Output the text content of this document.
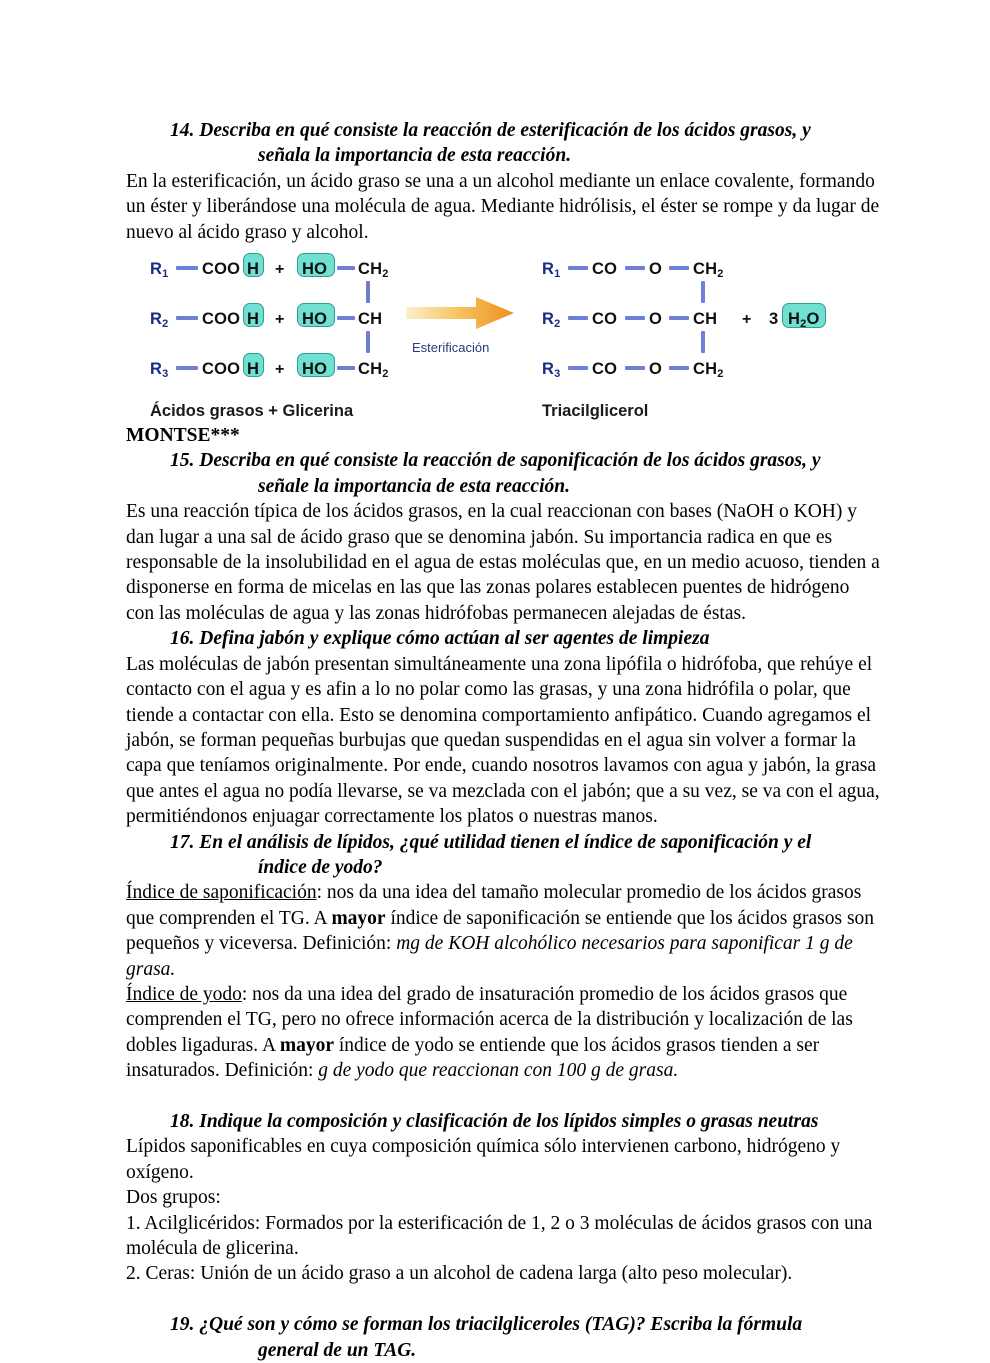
14. Describa en qué consiste la reacción de esterificación de los ácidos grasos, y
señala la importancia de esta reacción.

En la esterificación, un ácido graso se una a un alcohol mediante un enlace covalente, formando un éster y liberándose una molécula de agua. Mediante hidrólisis, el éster se rompe y da lugar de nuevo al ácido graso y alcohol.

$R_1$ COO H + HO $CH_2$
$R_2$ COO H + HO CH
$R_3$ COO H + HO $CH_2$
Esterificación
$R_1$ CO O $CH_2$
$R_2$ CO O CH + 3 $H_2O$
$R_3$ CO O $CH_2$
Ácidos grasos + Glicerina	Triacilglicerol

MONTSE***

15. Describa en qué consiste la reacción de saponificación de los ácidos grasos, y
señale la importancia de esta reacción.

Es una reacción típica de los ácidos grasos, en la cual reaccionan con bases (NaOH o KOH) y dan lugar a una sal de ácido graso que se denomina jabón. Su importancia radica en que es responsable de la insolubilidad en el agua de estas moléculas que, en un medio acuoso, tienden a disponerse en forma de micelas en las que las zonas polares establecen puentes de hidrógeno con las moléculas de agua y las zonas hidrófobas permanecen alejadas de éstas.

16. Defina jabón y explique cómo actúan al ser agentes de limpieza

Las moléculas de jabón presentan simultáneamente una zona lipófila o hidrófoba, que rehúye el contacto con el agua y es afin a lo no polar como las grasas, y una zona hidrófila o polar, que tiende a contactar con ella. Esto se denomina comportamiento anfipático. Cuando agregamos el jabón, se forman pequeñas burbujas que quedan suspendidas en el agua sin volver a formar la capa que teníamos originalmente. Por ende, cuando nosotros lavamos con agua y jabón, la grasa que antes el agua no podía llevarse, se va mezclada con el jabón; que a su vez, se va con el agua, permitiéndonos enjuagar correctamente los platos o nuestras manos.

17. En el análisis de lípidos, ¿qué utilidad tienen el índice de saponificación y el
índice de yodo?

Índice de saponificación: nos da una idea del tamaño molecular promedio de los ácidos grasos que comprenden el TG. A mayor índice de saponificación se entiende que los ácidos grasos son pequeños y viceversa. Definición: mg de KOH alcohólico necesarios para saponificar 1 g de grasa.

Índice de yodo: nos da una idea del grado de insaturación promedio de los ácidos grasos que comprenden el TG, pero no ofrece información acerca de la distribución y localización de las dobles ligaduras. A mayor índice de yodo se entiende que los ácidos grasos tienden a ser insaturados. Definición: g de yodo que reaccionan con 100 g de grasa.

18. Indique la composición y clasificación de los lípidos simples o grasas neutras

Lípidos saponificables en cuya composición química sólo intervienen carbono, hidrógeno y oxígeno.

Dos grupos:

1. Acilglicéridos: Formados por la esterificación de 1, 2 o 3 moléculas de ácidos grasos con una molécula de glicerina.

2. Ceras: Unión de un ácido graso a un alcohol de cadena larga (alto peso molecular).

19. ¿Qué son y cómo se forman los triacilgliceroles (TAG)? Escriba la fórmula
general de un TAG.
